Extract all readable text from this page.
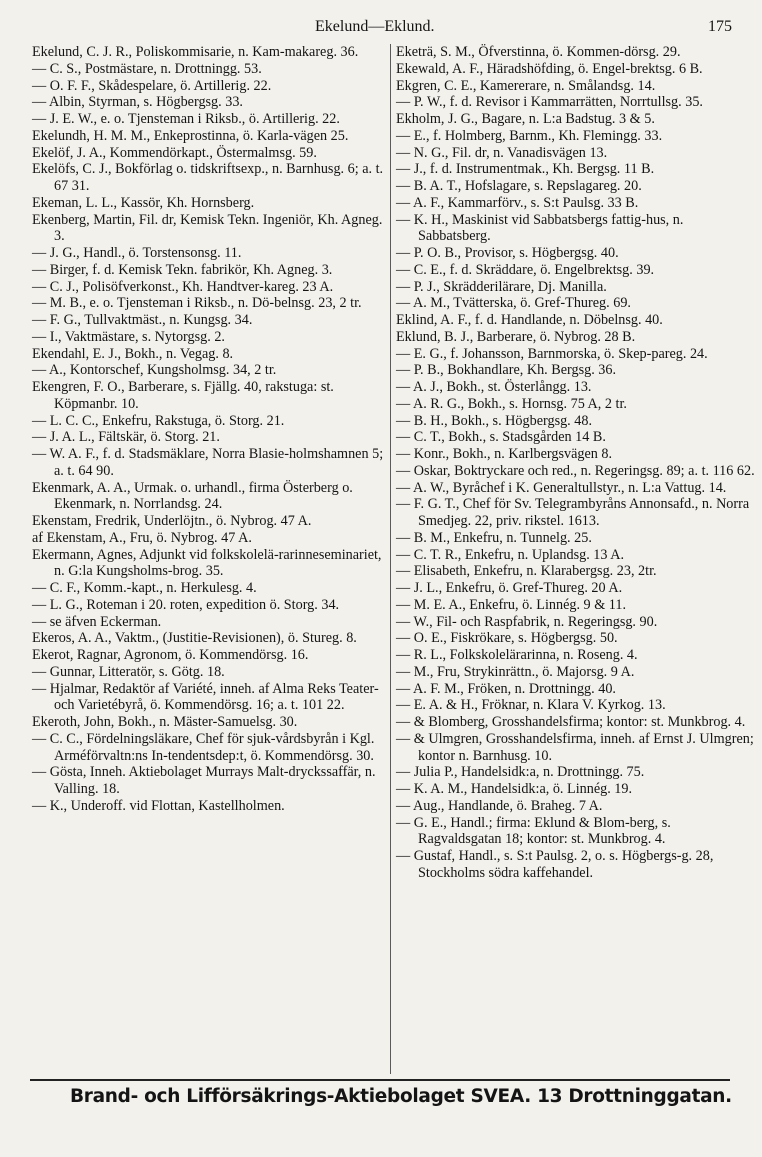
Ekelund—Eklund.	175
Ekelund, C. J. R., Poliskommisarie, n. Kam-makareg. 36.
— C. S., Postmästare, n. Drottningg. 53.
— O. F. F., Skådespelare, ö. Artillerig. 22.
— Albin, Styrman, s. Högbergsg. 33.
— J. E. W., e. o. Tjensteman i Riksb., ö. Artillerig. 22.
Ekelundh, H. M. M., Enkeprostinna, ö. Karla-vägen 25.
Ekelöf, J. A., Kommendörkapt., Östermalmsg. 59.
Ekelöfs, C. J., Bokförlag o. tidskriftsexp., n. Barnhusg. 6; a. t. 67 31.
Ekeman, L. L., Kassör, Kh. Hornsberg.
Ekenberg, Martin, Fil. dr, Kemisk Tekn. Ingeniör, Kh. Agneg. 3.
— J. G., Handl., ö. Torstensonsg. 11.
— Birger, f. d. Kemisk Tekn. fabrikör, Kh. Agneg. 3.
— C. J., Polisöfverkonst., Kh. Handtver-kareg. 23 A.
— M. B., e. o. Tjensteman i Riksb., n. Dö-belnsg. 23, 2 tr.
— F. G., Tullvaktmäst., n. Kungsg. 34.
— I., Vaktmästare, s. Nytorgsg. 2.
Ekendahl, E. J., Bokh., n. Vegag. 8.
— A., Kontorschef, Kungsholmsg. 34, 2 tr.
Ekengren, F. O., Barberare, s. Fjällg. 40, rakstuga: st. Köpmanbr. 10.
— L. C. C., Enkefru, Rakstuga, ö. Storg. 21.
— J. A. L., Fältskär, ö. Storg. 21.
— W. A. F., f. d. Stadsmäklare, Norra Blasie-holmshamnen 5; a. t. 64 90.
Ekenmark, A. A., Urmak. o. urhandl., firma Österberg o. Ekenmark, n. Norrlandsg. 24.
Ekenstam, Fredrik, Underlöjtn., ö. Nybrog. 47 A.
af Ekenstam, A., Fru, ö. Nybrog. 47 A.
Ekermann, Agnes, Adjunkt vid folkskolelä-rarinneseminariet, n. G:la Kungsholms-brog. 35.
— C. F., Komm.-kapt., n. Herkulesg. 4.
— L. G., Roteman i 20. roten, expedition ö. Storg. 34.
— se äfven Eckerman.
Ekeros, A. A., Vaktm., (Justitie-Revisionen), ö. Stureg. 8.
Ekerot, Ragnar, Agronom, ö. Kommendörsg. 16.
— Gunnar, Litteratör, s. Götg. 18.
— Hjalmar, Redaktör af Variété, inneh. af Alma Reks Teater- och Varietébyrå, ö. Kommendörsg. 16; a. t. 101 22.
Ekeroth, John, Bokh., n. Mäster-Samuelsg. 30.
— C. C., Fördelningsläkare, Chef för sjuk-vårdsbyrån i Kgl. Arméförvaltn:ns In-tendentsdep:t, ö. Kommendörsg. 30.
— Gösta, Inneh. Aktiebolaget Murrays Malt-dryckssaffär, n. Valling. 18.
— K., Underoff. vid Flottan, Kastellholmen.
Eketrä, S. M., Öfverstinna, ö. Kommen-dörsg. 29.
Ekewald, A. F., Häradshöfding, ö. Engel-brektsg. 6 B.
Ekgren, C. E., Kamererare, n. Smålandsg. 14.
— P. W., f. d. Revisor i Kammarrätten, Norrtullsg. 35.
Ekholm, J. G., Bagare, n. L:a Badstug. 3 & 5.
— E., f. Holmberg, Barnm., Kh. Flemingg. 33.
— N. G., Fil. dr, n. Vanadisvägen 13.
— J., f. d. Instrumentmak., Kh. Bergsg. 11 B.
— B. A. T., Hofslagare, s. Repslagareg. 20.
— A. F., Kammarförv., s. S:t Paulsg. 33 B.
— K. H., Maskinist vid Sabbatsbergs fattig-hus, n. Sabbatsberg.
— P. O. B., Provisor, s. Högbergsg. 40.
— C. E., f. d. Skräddare, ö. Engelbrektsg. 39.
— P. J., Skrädderilärare, Dj. Manilla.
— A. M., Tvätterska, ö. Gref-Thureg. 69.
Eklind, A. F., f. d. Handlande, n. Döbelnsg. 40.
Eklund, B. J., Barberare, ö. Nybrog. 28 B.
— E. G., f. Johansson, Barnmorska, ö. Skep-pareg. 24.
— P. B., Bokhandlare, Kh. Bergsg. 36.
— A. J., Bokh., st. Österlångg. 13.
— A. R. G., Bokh., s. Hornsg. 75 A, 2 tr.
— B. H., Bokh., s. Högbergsg. 48.
— C. T., Bokh., s. Stadsgården 14 B.
— Konr., Bokh., n. Karlbergsvägen 8.
— Oskar, Boktryckare och red., n. Regeringsg. 89; a. t. 116 62.
— A. W., Byråchef i K. Generaltullstyr., n. L:a Vattug. 14.
— F. G. T., Chef för Sv. Telegrambyråns Annonsafd., n. Norra Smedjeg. 22, priv. rikstel. 1613.
— B. M., Enkefru, n. Tunnelg. 25.
— C. T. R., Enkefru, n. Uplandsg. 13 A.
— Elisabeth, Enkefru, n. Klarabergsg. 23, 2tr.
— J. L., Enkefru, ö. Gref-Thureg. 20 A.
— M. E. A., Enkefru, ö. Linnég. 9 & 11.
— W., Fil- och Raspfabrik, n. Regeringsg. 90.
— O. E., Fiskrökare, s. Högbergsg. 50.
— R. L., Folkskolelärarinna, n. Roseng. 4.
— M., Fru, Strykinrättn., ö. Majorsg. 9 A.
— A. F. M., Fröken, n. Drottningg. 40.
— E. A. & H., Fröknar, n. Klara V. Kyrkog. 13.
— & Blomberg, Grosshandelsfirma; kontor: st. Munkbrog. 4.
— & Ulmgren, Grosshandelsfirma, inneh. af Ernst J. Ulmgren; kontor n. Barnhusg. 10.
— Julia P., Handelsidk:a, n. Drottningg. 75.
— K. A. M., Handelsidk:a, ö. Linnég. 19.
— Aug., Handlande, ö. Braheg. 7 A.
— G. E., Handl.; firma: Eklund & Blom-berg, s. Ragvaldsgatan 18; kontor: st. Munkbrog. 4.
— Gustaf, Handl., s. S:t Paulsg. 2, o. s. Högbergs-g. 28, Stockholms södra kaffehandel.
Brand- och Lifförsäkrings-Aktiebolaget SVEA. 13 Drottninggatan.
